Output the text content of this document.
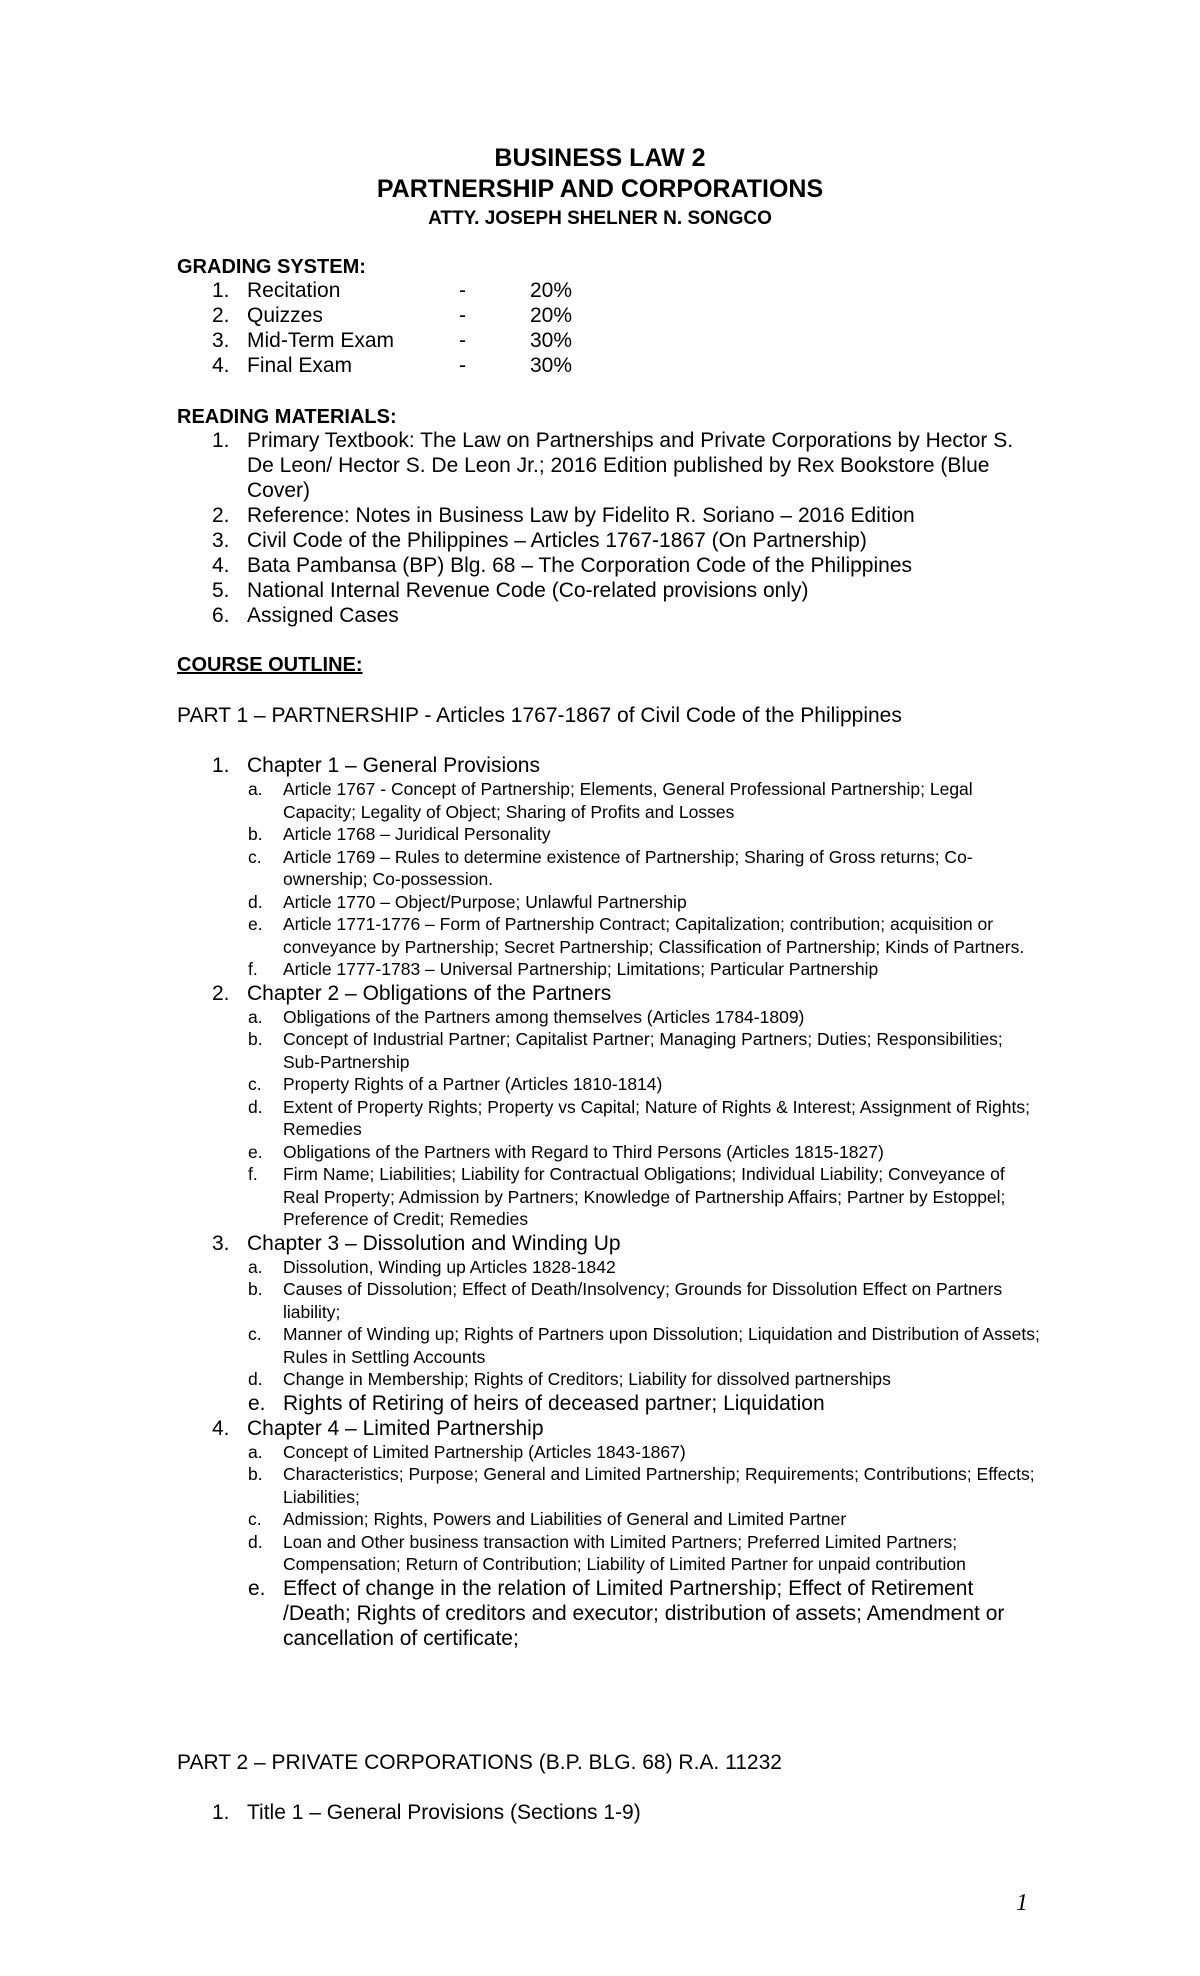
BUSINESS LAW 2
PARTNERSHIP AND CORPORATIONS
ATTY. JOSEPH SHELNER N. SONGCO
GRADING SYSTEM:
1. Recitation	-	20%
2. Quizzes	-	20%
3. Mid-Term Exam	-	30%
4. Final Exam	-	30%
READING MATERIALS:
1. Primary Textbook: The Law on Partnerships and Private Corporations by Hector S. De Leon/ Hector S. De Leon Jr.; 2016 Edition published by Rex Bookstore (Blue Cover)
2. Reference: Notes in Business Law by Fidelito R. Soriano – 2016 Edition
3. Civil Code of the Philippines – Articles 1767-1867 (On Partnership)
4. Bata Pambansa (BP) Blg. 68 – The Corporation Code of the Philippines
5. National Internal Revenue Code (Co-related provisions only)
6. Assigned Cases
COURSE OUTLINE:
PART 1 – PARTNERSHIP - Articles 1767-1867 of Civil Code of the Philippines
1. Chapter 1 – General Provisions
a.	Article 1767 - Concept of Partnership; Elements, General Professional Partnership; Legal Capacity; Legality of Object; Sharing of Profits and Losses
b.	Article 1768 – Juridical Personality
c.	Article 1769 – Rules to determine existence of Partnership; Sharing of Gross returns; Co-ownership; Co-possession.
d.	Article 1770 – Object/Purpose; Unlawful Partnership
e.	Article 1771-1776 – Form of Partnership Contract; Capitalization; contribution; acquisition or conveyance by Partnership; Secret Partnership; Classification of Partnership; Kinds of Partners.
f.	Article 1777-1783 – Universal Partnership; Limitations; Particular Partnership
2. Chapter 2 – Obligations of the Partners
a.	Obligations of the Partners among themselves (Articles 1784-1809)
b.	Concept of Industrial Partner; Capitalist Partner; Managing Partners; Duties; Responsibilities; Sub-Partnership
c.	Property Rights of a Partner (Articles 1810-1814)
d.	Extent of Property Rights; Property vs Capital; Nature of Rights & Interest; Assignment of Rights; Remedies
e.	Obligations of the Partners with Regard to Third Persons (Articles 1815-1827)
f.	Firm Name; Liabilities; Liability for Contractual Obligations; Individual Liability; Conveyance of Real Property; Admission by Partners; Knowledge of Partnership Affairs; Partner by Estoppel; Preference of Credit; Remedies
3. Chapter 3 – Dissolution and Winding Up
a.	Dissolution, Winding up Articles 1828-1842
b.	Causes of Dissolution; Effect of Death/Insolvency; Grounds for Dissolution Effect on Partners liability;
c.	Manner of Winding up; Rights of Partners upon Dissolution; Liquidation and Distribution of Assets; Rules in Settling Accounts
d.	Change in Membership; Rights of Creditors; Liability for dissolved partnerships
e. Rights of Retiring of heirs of deceased partner; Liquidation
4. Chapter 4 – Limited Partnership
a.	Concept of Limited Partnership (Articles 1843-1867)
b.	Characteristics; Purpose; General and Limited Partnership; Requirements; Contributions; Effects; Liabilities;
c.	Admission; Rights, Powers and Liabilities of General and Limited Partner
d.	Loan and Other business transaction with Limited Partners; Preferred Limited Partners; Compensation; Return of Contribution; Liability of Limited Partner for unpaid contribution
e. Effect of change in the relation of Limited Partnership; Effect of Retirement /Death; Rights of creditors and executor; distribution of assets; Amendment or cancellation of certificate;
PART 2 – PRIVATE CORPORATIONS (B.P. BLG. 68) R.A. 11232
1. Title 1 – General Provisions (Sections 1-9)
1
